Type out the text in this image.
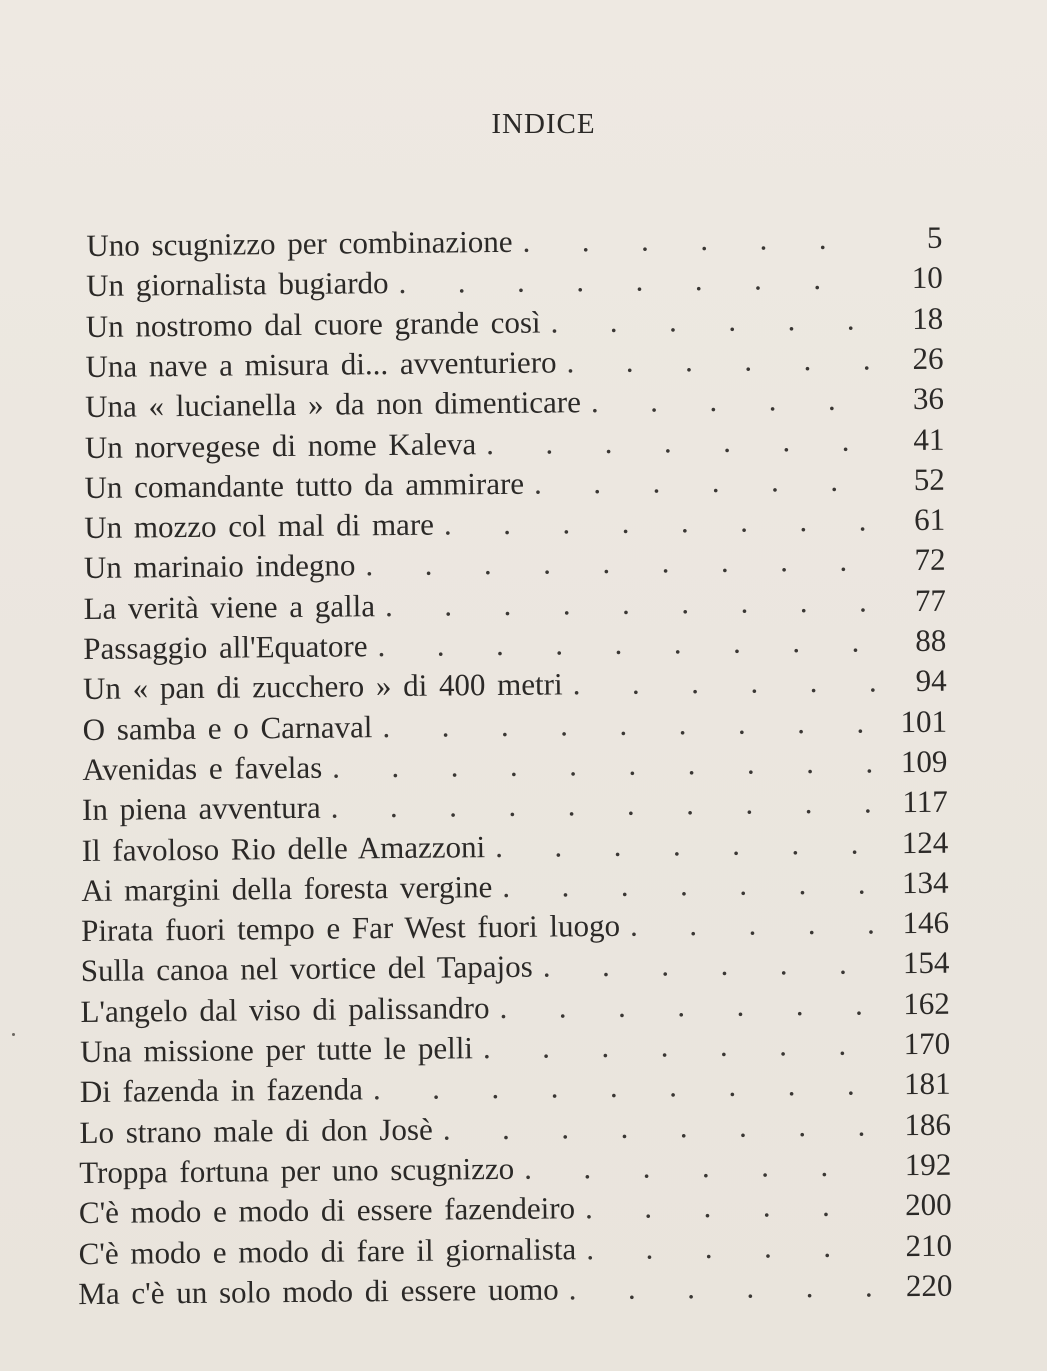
INDICE
Uno scugnizzo per combinazione . .	5
Un giornalista bugiardo . .	10
Un nostromo dal cuore grande così . .	18
Una nave a misura di... avventuriero . .	26
Una « lucianella » da non dimenticare . .	36
Un norvegese di nome Kaleva . .	41
Un comandante tutto da ammirare . .	52
Un mozzo col mal di mare . .	61
Un marinaio indegno . .	72
La verità viene a galla . .	77
Passaggio all'Equatore . .	88
Un « pan di zucchero » di 400 metri . .	94
O samba e o Carnaval . .	101
Avenidas e favelas . .	109
In piena avventura . .	117
Il favoloso Rio delle Amazzoni . .	124
Ai margini della foresta vergine . .	134
Pirata fuori tempo e Far West fuori luogo . .	146
Sulla canoa nel vortice del Tapajos . .	154
L'angelo dal viso di palissandro . .	162
Una missione per tutte le pelli . .	170
Di fazenda in fazenda . .	181
Lo strano male di don Josè . .	186
Troppa fortuna per uno scugnizzo . .	192
C'è modo e modo di essere fazendeiro . .	200
C'è modo e modo di fare il giornalista . .	210
Ma c'è un solo modo di essere uomo . .	220
